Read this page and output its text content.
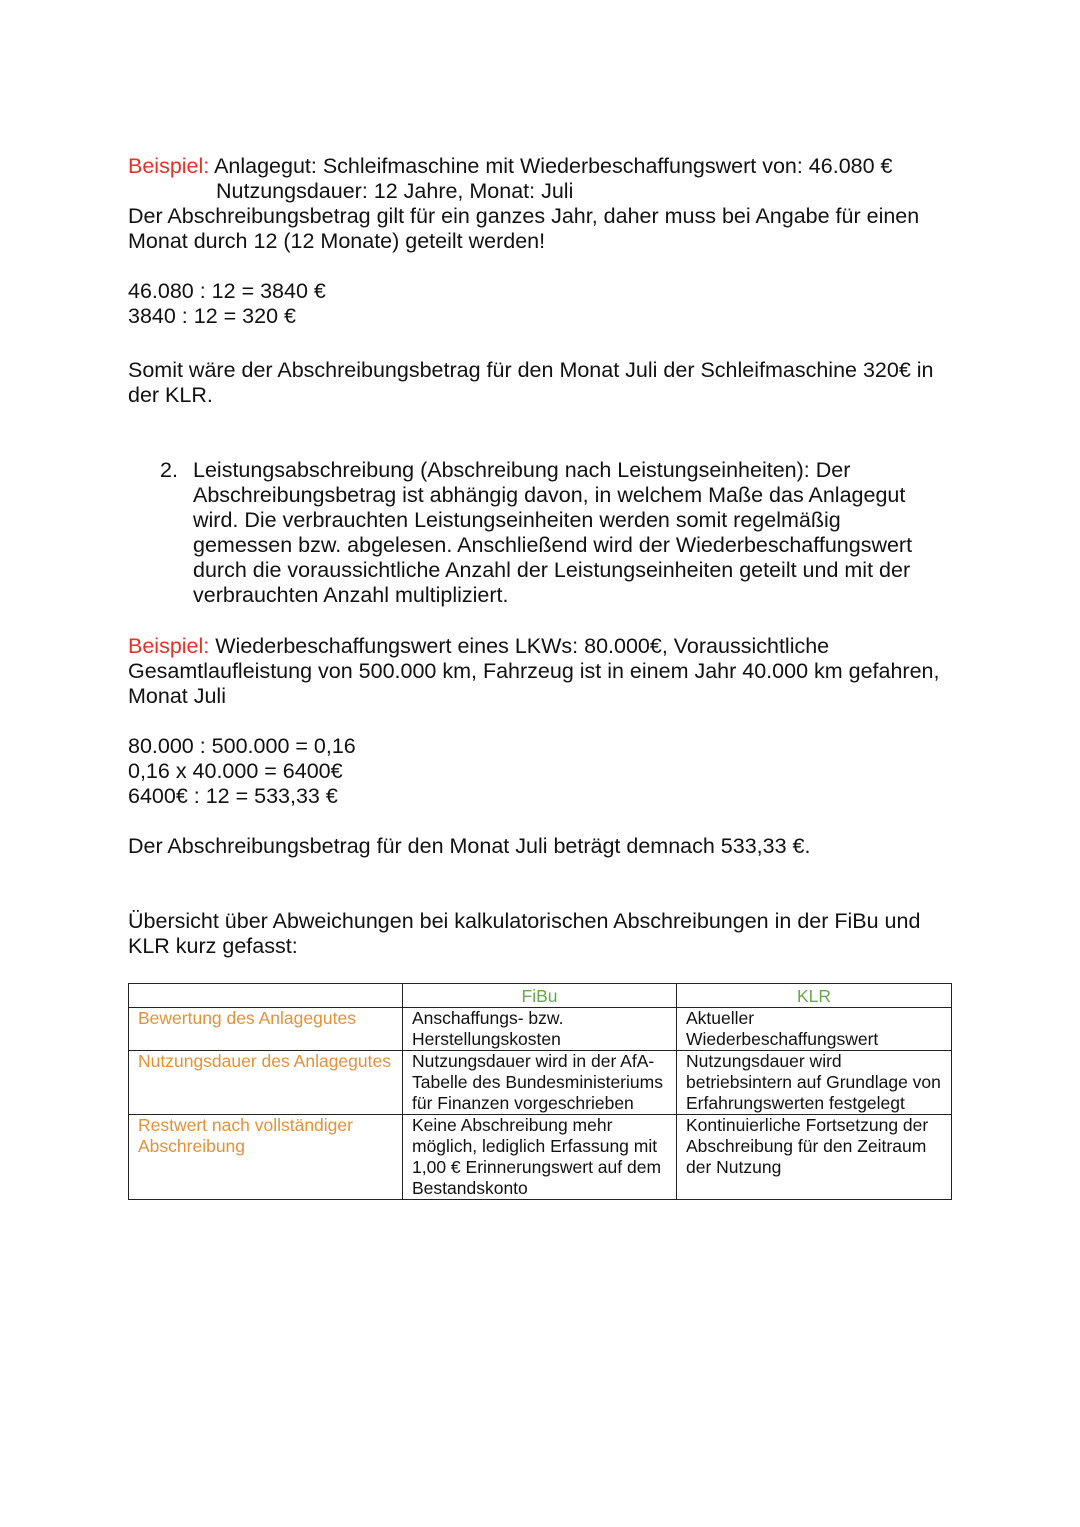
Beispiel: Anlagegut: Schleifmaschine mit Wiederbeschaffungswert von: 46.080 €
Nutzungsdauer: 12 Jahre, Monat: Juli
Der Abschreibungsbetrag gilt für ein ganzes Jahr, daher muss bei Angabe für einen
Monat durch 12 (12 Monate) geteilt werden!
46.080 : 12 = 3840 €
3840 : 12 = 320 €
Somit wäre der Abschreibungsbetrag für den Monat Juli der Schleifmaschine 320€ in
der KLR.
2. Leistungsabschreibung (Abschreibung nach Leistungseinheiten): Der
Abschreibungsbetrag ist abhängig davon, in welchem Maße das Anlagegut
wird. Die verbrauchten Leistungseinheiten werden somit regelmäßig
gemessen bzw. abgelesen. Anschließend wird der Wiederbeschaffungswert
durch die voraussichtliche Anzahl der Leistungseinheiten geteilt und mit der
verbrauchten Anzahl multipliziert.
Beispiel: Wiederbeschaffungswert eines LKWs: 80.000€, Voraussichtliche
Gesamtlaufleistung von 500.000 km, Fahrzeug ist in einem Jahr 40.000 km gefahren,
Monat Juli
80.000 : 500.000 = 0,16
0,16 x 40.000 = 6400€
6400€ : 12 = 533,33 €
Der Abschreibungsbetrag für den Monat Juli beträgt demnach 533,33 €.
Übersicht über Abweichungen bei kalkulatorischen Abschreibungen in der FiBu und
KLR kurz gefasst:
	FiBu	KLR
Bewertung des Anlagegutes	Anschaffungs- bzw. Herstellungskosten	Aktueller Wiederbeschaffungswert
Nutzungsdauer des Anlagegutes	Nutzungsdauer wird in der AfA-Tabelle des Bundesministeriums für Finanzen vorgeschrieben	Nutzungsdauer wird betriebsintern auf Grundlage von Erfahrungswerten festgelegt
Restwert nach vollständiger Abschreibung	Keine Abschreibung mehr möglich, lediglich Erfassung mit 1,00 € Erinnerungswert auf dem Bestandskonto	Kontinuierliche Fortsetzung der Abschreibung für den Zeitraum der Nutzung
